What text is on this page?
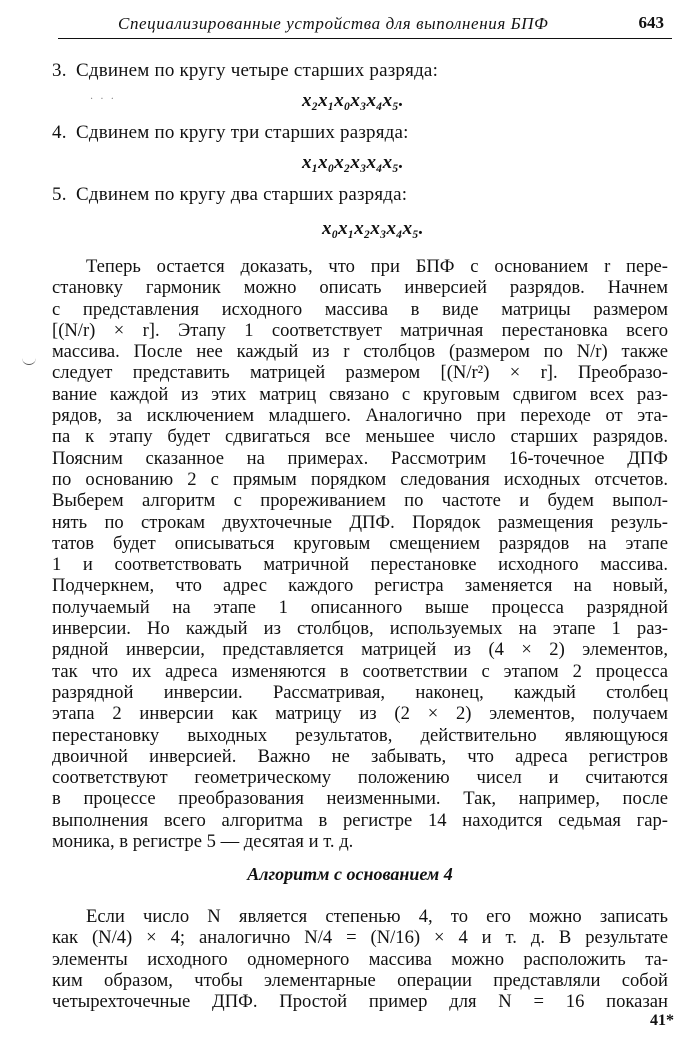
Специализированные устройства для выполнения БПФ	643
· · ·
3. Сдвинем по кругу четыре старших разряда:
x₂x₁x₀x₃x₄x₅.
4. Сдвинем по кругу три старших разряда:
x₁x₀x₂x₃x₄x₅.
5. Сдвинем по кругу два старших разряда:
x₀x₁x₂x₃x₄x₅.
Теперь остается доказать, что при БПФ с основанием r пере-
становку гармоник можно описать инверсией разрядов. Начнем
с представления исходного массива в виде матрицы размером
[(N/r) × r]. Этапу 1 соответствует матричная перестановка всего
массива. После нее каждый из r столбцов (размером по N/r) также
следует представить матрицей размером [(N/r²) × r]. Преобразо-
вание каждой из этих матриц связано с круговым сдвигом всех раз-
рядов, за исключением младшего. Аналогично при переходе от эта-
па к этапу будет сдвигаться все меньшее число старших разрядов.
Поясним сказанное на примерах. Рассмотрим 16-точечное ДПФ
по основанию 2 с прямым порядком следования исходных отсчетов.
Выберем алгоритм с прореживанием по частоте и будем выпол-
нять по строкам двухточечные ДПФ. Порядок размещения резуль-
татов будет описываться круговым смещением разрядов на этапе
1 и соответствовать матричной перестановке исходного массива.
Подчеркнем, что адрес каждого регистра заменяется на новый,
получаемый на этапе 1 описанного выше процесса разрядной
инверсии. Но каждый из столбцов, используемых на этапе 1 раз-
рядной инверсии, представляется матрицей из (4 × 2) элементов,
так что их адреса изменяются в соответствии с этапом 2 процесса
разрядной инверсии. Рассматривая, наконец, каждый столбец
этапа 2 инверсии как матрицу из (2 × 2) элементов, получаем
перестановку выходных результатов, действительно являющуюся
двоичной инверсией. Важно не забывать, что адреса регистров
соответствуют геометрическому положению чисел и считаются
в процессе преобразования неизменными. Так, например, после
выполнения всего алгоритма в регистре 14 находится седьмая гар-
моника, в регистре 5 — десятая и т. д.
Алгоритм с основанием 4
Если число N является степенью 4, то его можно записать
как (N/4) × 4; аналогично N/4 = (N/16) × 4 и т. д. В результате
элементы исходного одномерного массива можно расположить та-
ким образом, чтобы элементарные операции представляли собой
четырехточечные ДПФ. Простой пример для N = 16 показан
41*
